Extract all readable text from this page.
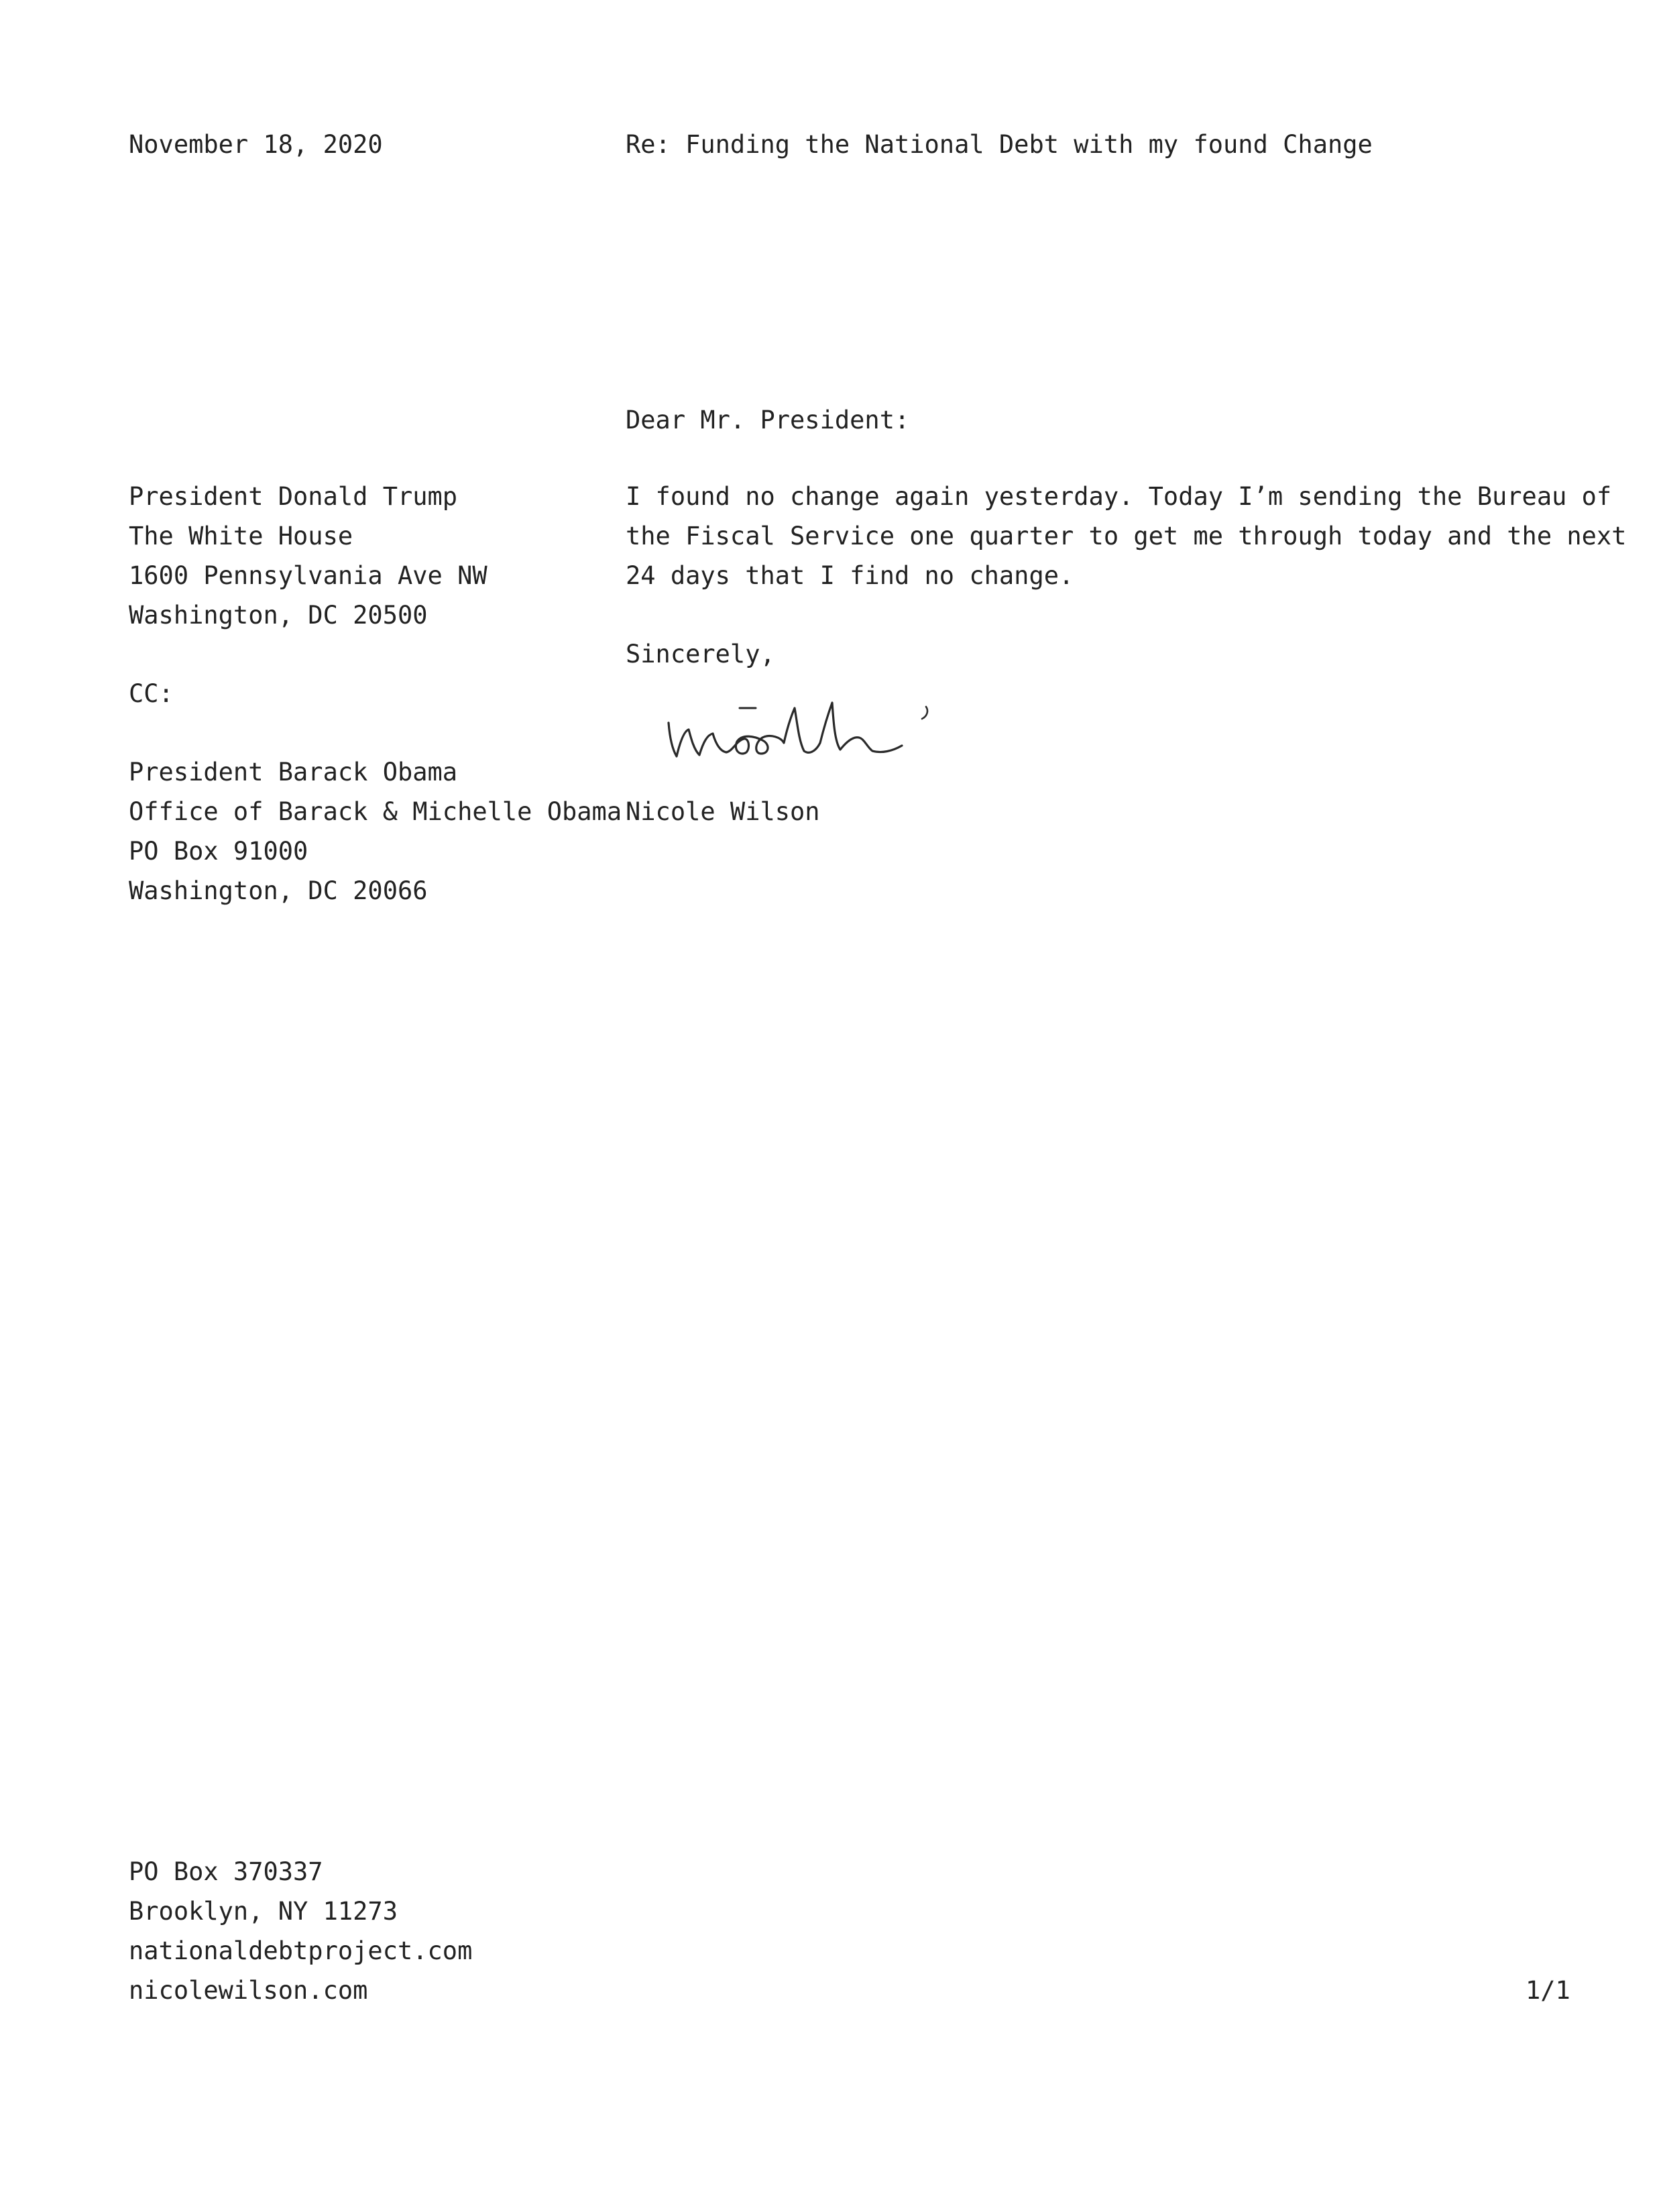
November 18, 2020	Re: Funding the National Debt with my found Change
Dear Mr. President:
President Donald Trump
The White House
1600 Pennsylvania Ave NW
Washington, DC 20500
I found no change again yesterday. Today I’m sending the Bureau of
the Fiscal Service one quarter to get me through today and the next
24 days that I find no change.
Sincerely,
CC:
President Barack Obama
Office of Barack & Michelle Obama
PO Box 91000
Washington, DC 20066
Nicole Wilson
PO Box 370337
Brooklyn, NY 11273
nationaldebtproject.com
nicolewilson.com	1/1
